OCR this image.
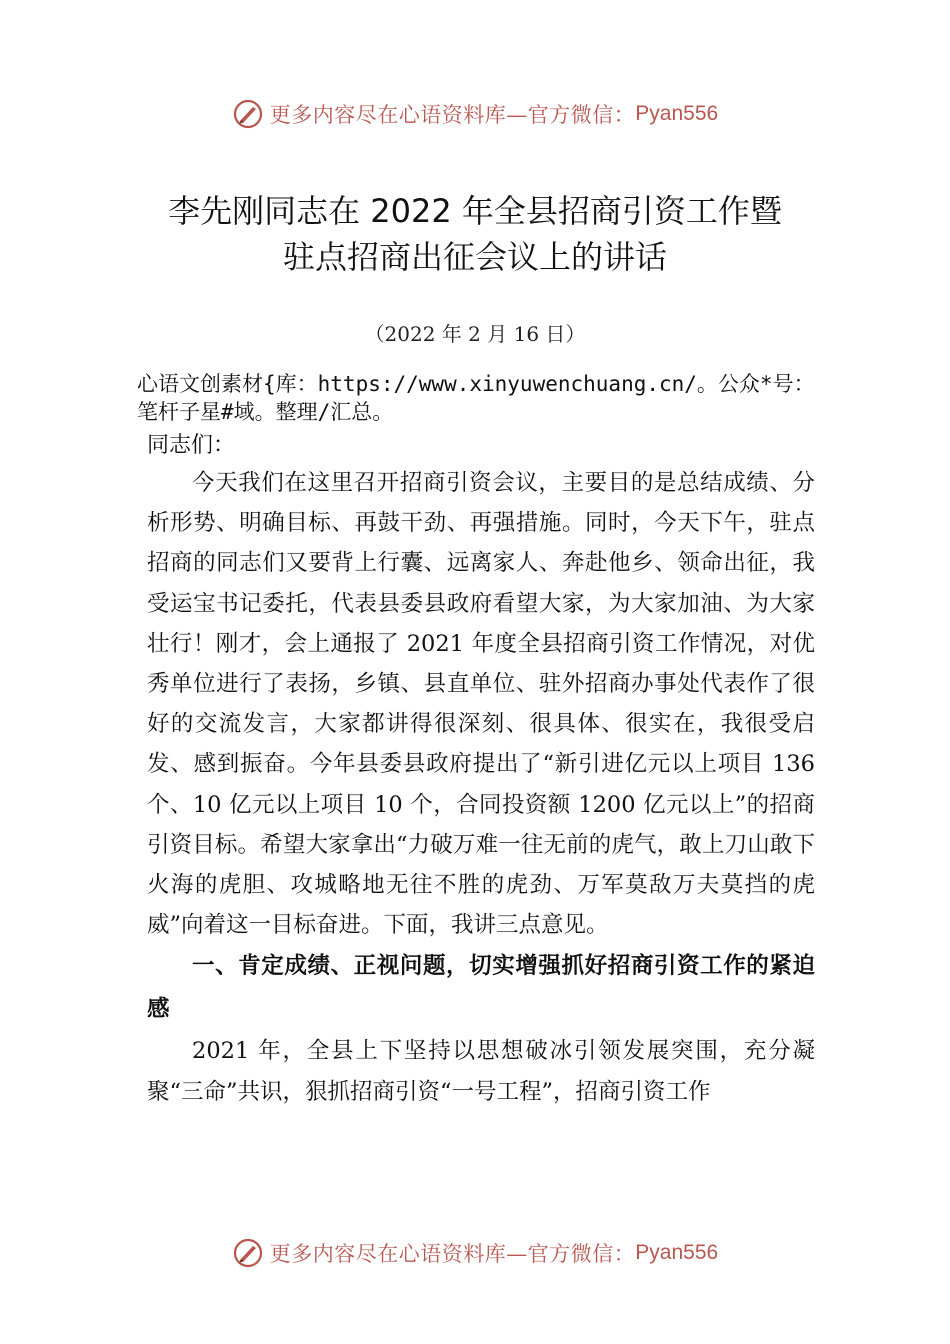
更多内容尽在心语资料库—官方微信： Pyan556
李先刚同志在 2022 年全县招商引资工作暨
驻点招商出征会议上的讲话
（2022 年 2 月 16 日）
心语文创素材{库：https://www.xinyuwenchuang.cn/。公众*号：笔杆子星#域。整理/汇总。
同志们：

今天我们在这里召开招商引资会议，主要目的是总结成绩、分析形势、明确目标、再鼓干劲、再强措施。同时，今天下午，驻点招商的同志们又要背上行囊、远离家人、奔赴他乡、领命出征，我受运宝书记委托，代表县委县政府看望大家，为大家加油、为大家壮行！刚才，会上通报了 2021 年度全县招商引资工作情况，对优秀单位进行了表扬，乡镇、县直单位、驻外招商办事处代表作了很好的交流发言，大家都讲得很深刻、很具体、很实在，我很受启发、感到振奋。今年县委县政府提出了“新引进亿元以上项目 136 个、10 亿元以上项目 10 个，合同投资额 1200 亿元以上”的招商引资目标。希望大家拿出“力破万难一往无前的虎气，敢上刀山敢下火海的虎胆、攻城略地无往不胜的虎劲、万军莫敌万夫莫挡的虎威”向着这一目标奋进。下面，我讲三点意见。

一、肯定成绩、正视问题，切实增强抓好招商引资工作的紧迫感

2021 年，全县上下坚持以思想破冰引领发展突围，充分凝聚“三命”共识，狠抓招商引资“一号工程”，招商引资工作

更多内容尽在心语资料库—官方微信： Pyan556
